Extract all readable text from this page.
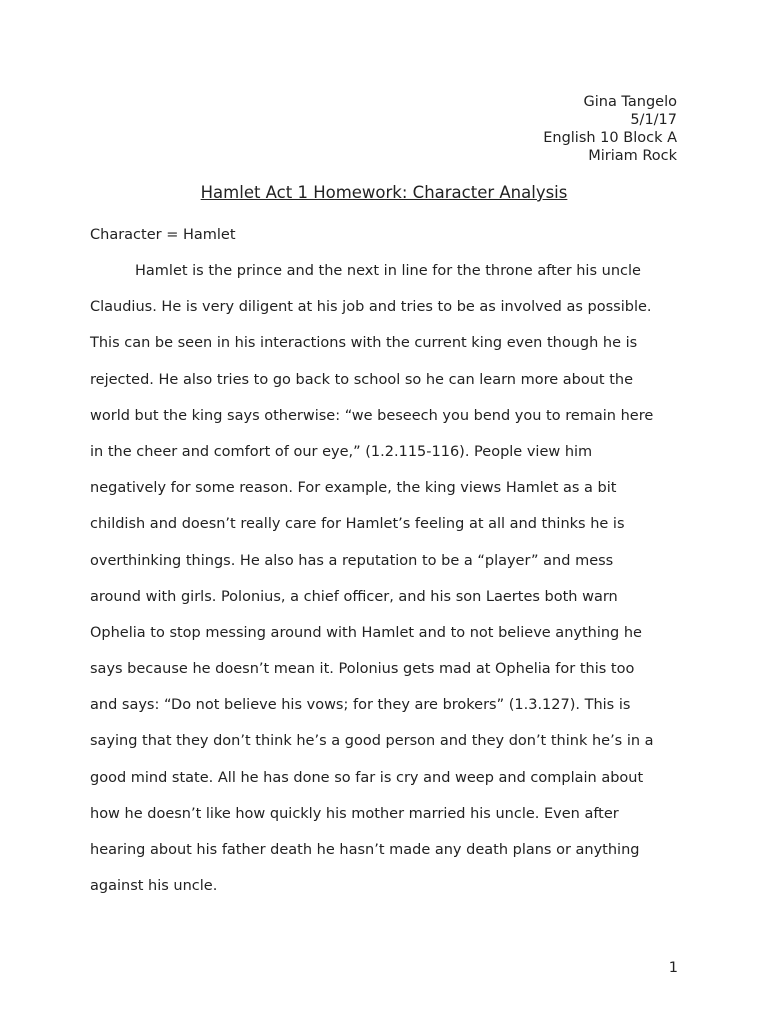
Gina Tangelo
5/1/17
English 10 Block A
Miriam Rock
Hamlet Act 1 Homework: Character Analysis
Character = Hamlet
Hamlet is the prince and the next in line for the throne after his uncle
Claudius. He is very diligent at his job and tries to be as involved as possible.
This can be seen in his interactions with the current king even though he is
rejected. He also tries to go back to school so he can learn more about the
world but the king says otherwise: “we beseech you bend you to remain here
in the cheer and comfort of our eye,” (1.2.115-116). People view him
negatively for some reason. For example, the king views Hamlet as a bit
childish and doesn’t really care for Hamlet’s feeling at all and thinks he is
overthinking things. He also has a reputation to be a “player” and mess
around with girls. Polonius, a chief officer, and his son Laertes both warn
Ophelia to stop messing around with Hamlet and to not believe anything he
says because he doesn’t mean it. Polonius gets mad at Ophelia for this too
and says: “Do not believe his vows; for they are brokers” (1.3.127). This is
saying that they don’t think he’s a good person and they don’t think he’s in a
good mind state. All he has done so far is cry and weep and complain about
how he doesn’t like how quickly his mother married his uncle. Even after
hearing about his father death he hasn’t made any death plans or anything
against his uncle.
1
